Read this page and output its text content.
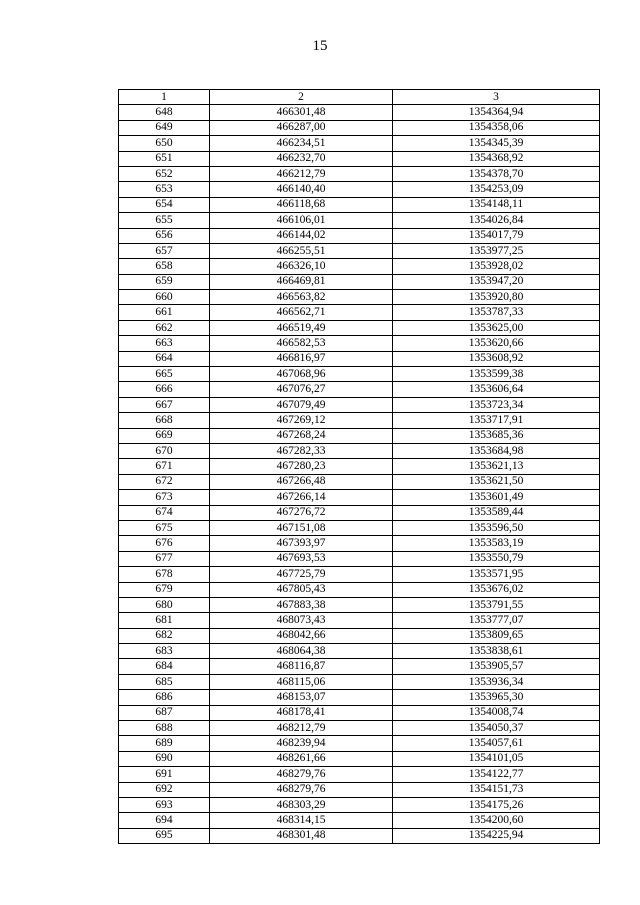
15
1	2	3
648	466301,48	1354364,94
649	466287,00	1354358,06
650	466234,51	1354345,39
651	466232,70	1354368,92
652	466212,79	1354378,70
653	466140,40	1354253,09
654	466118,68	1354148,11
655	466106,01	1354026,84
656	466144,02	1354017,79
657	466255,51	1353977,25
658	466326,10	1353928,02
659	466469,81	1353947,20
660	466563,82	1353920,80
661	466562,71	1353787,33
662	466519,49	1353625,00
663	466582,53	1353620,66
664	466816,97	1353608,92
665	467068,96	1353599,38
666	467076,27	1353606,64
667	467079,49	1353723,34
668	467269,12	1353717,91
669	467268,24	1353685,36
670	467282,33	1353684,98
671	467280,23	1353621,13
672	467266,48	1353621,50
673	467266,14	1353601,49
674	467276,72	1353589,44
675	467151,08	1353596,50
676	467393,97	1353583,19
677	467693,53	1353550,79
678	467725,79	1353571,95
679	467805,43	1353676,02
680	467883,38	1353791,55
681	468073,43	1353777,07
682	468042,66	1353809,65
683	468064,38	1353838,61
684	468116,87	1353905,57
685	468115,06	1353936,34
686	468153,07	1353965,30
687	468178,41	1354008,74
688	468212,79	1354050,37
689	468239,94	1354057,61
690	468261,66	1354101,05
691	468279,76	1354122,77
692	468279,76	1354151,73
693	468303,29	1354175,26
694	468314,15	1354200,60
695	468301,48	1354225,94
